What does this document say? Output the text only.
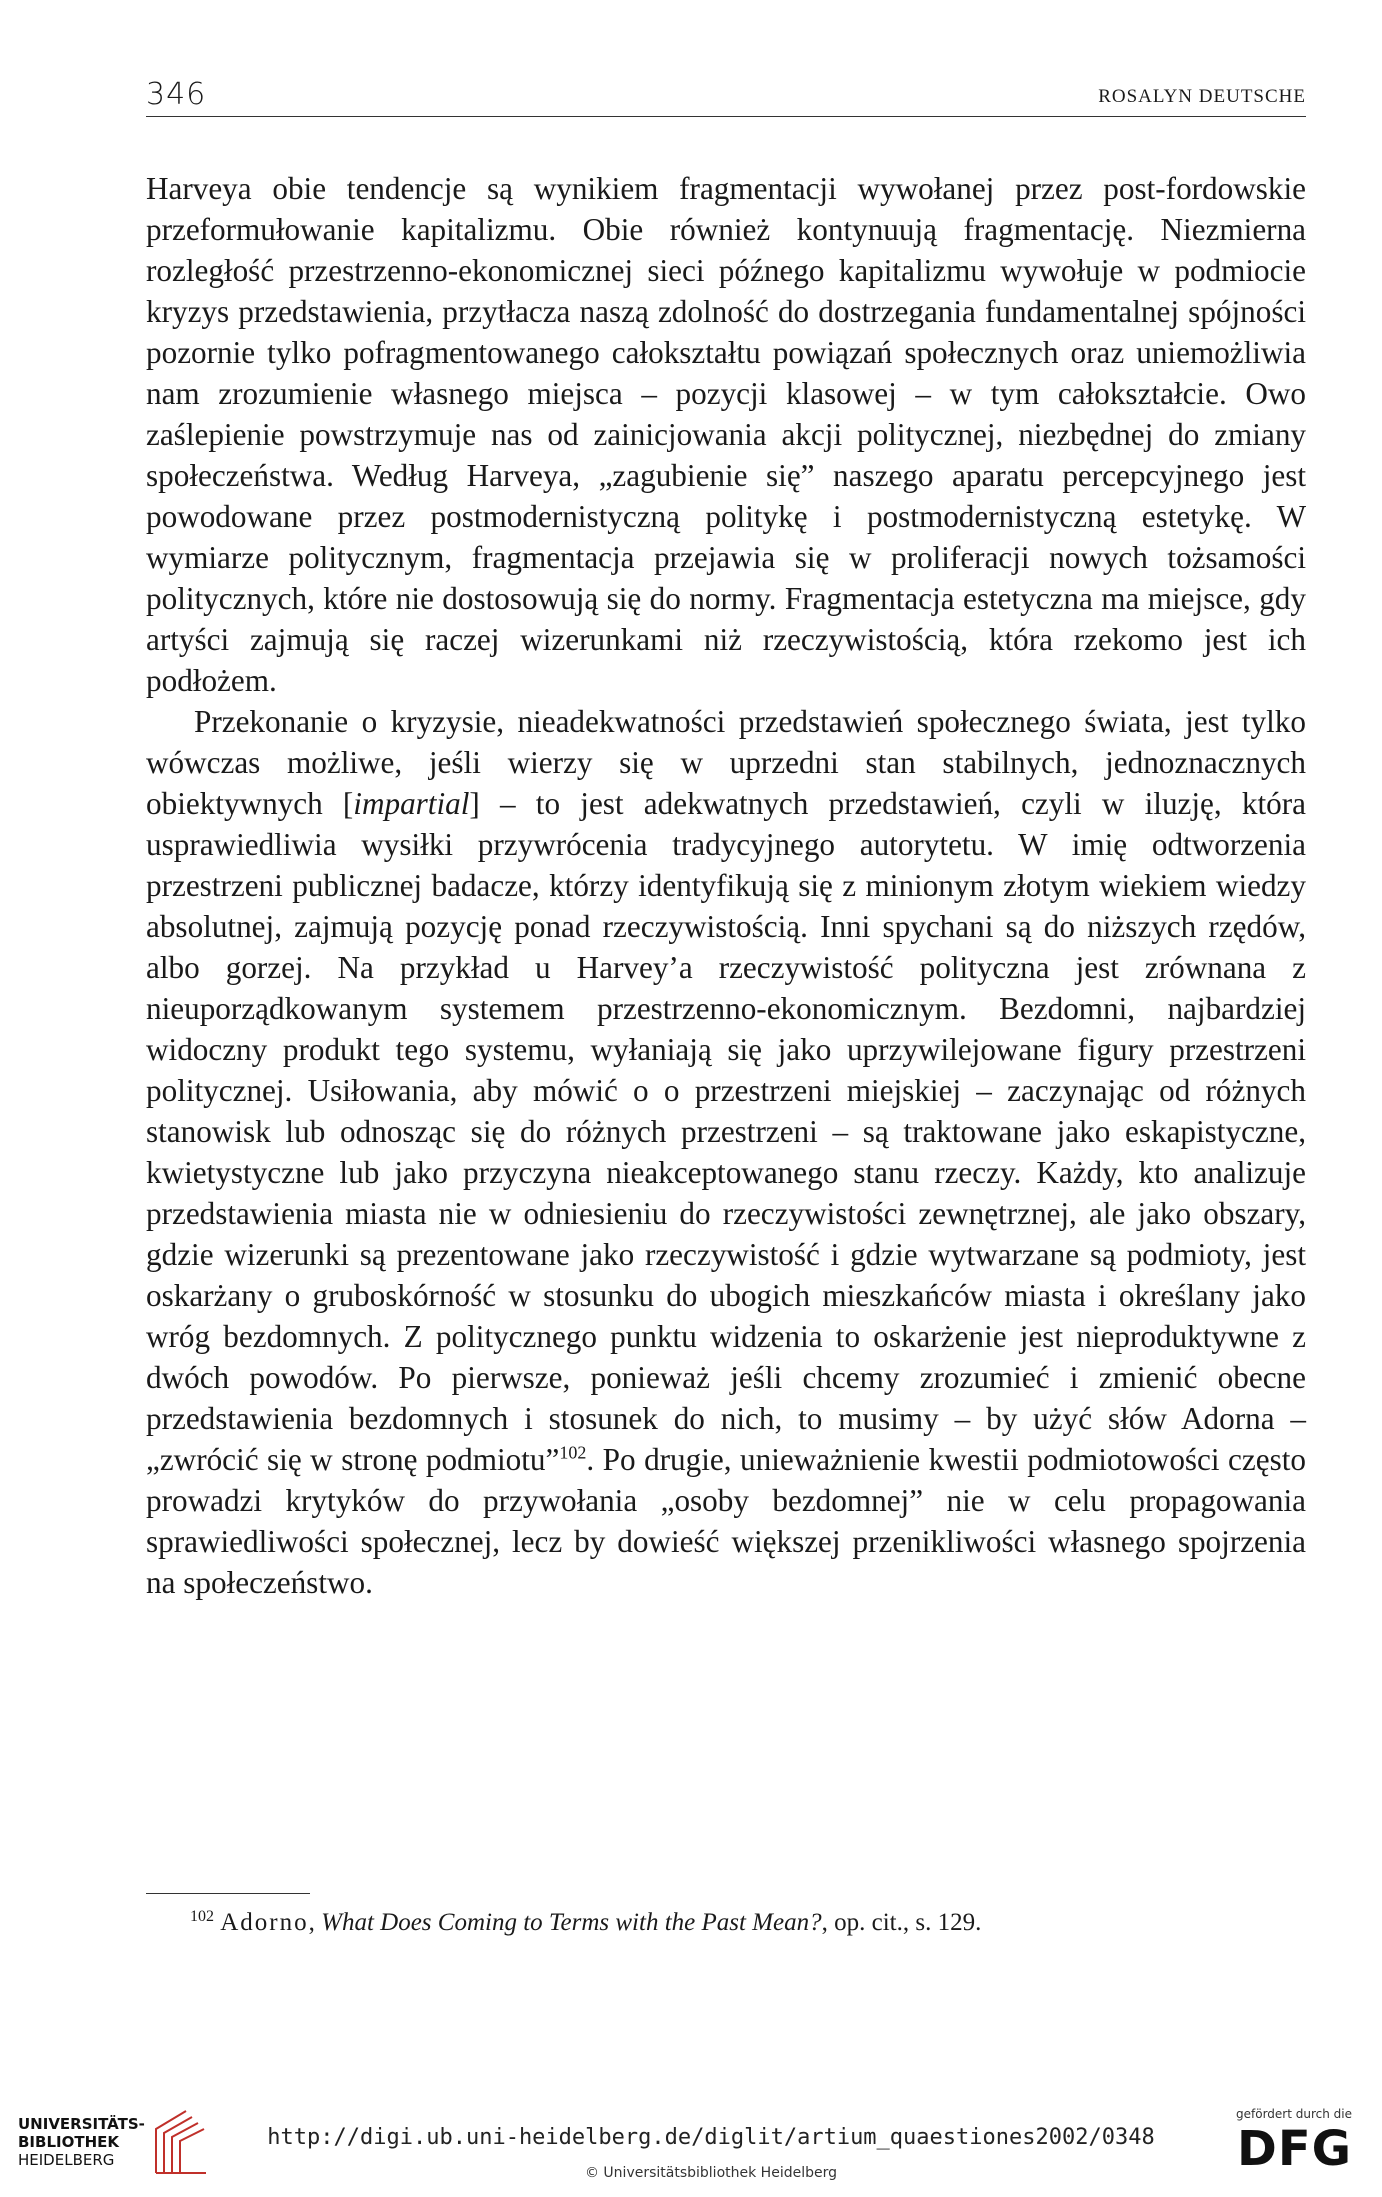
346	ROSALYN DEUTSCHE

Harveya obie tendencje są wynikiem fragmentacji wywołanej przez post-fordowskie przeformułowanie kapitalizmu. Obie również kontynuują fragmentację. Niezmierna rozległość przestrzenno-ekonomicznej sieci późnego kapitalizmu wywołuje w podmiocie kryzys przedstawienia, przytłacza naszą zdolność do dostrzegania fundamentalnej spójności pozornie tylko pofragmentowanego całokształtu powiązań społecznych oraz uniemożliwia nam zrozumienie własnego miejsca – pozycji klasowej – w tym całokształcie. Owo zaślepienie powstrzymuje nas od zainicjowania akcji politycznej, niezbędnej do zmiany społeczeństwa. Według Harveya, „zagubienie się” naszego aparatu percepcyjnego jest powodowane przez postmodernistyczną politykę i postmodernistyczną estetykę. W wymiarze politycznym, fragmentacja przejawia się w proliferacji nowych tożsamości politycznych, które nie dostosowują się do normy. Fragmentacja estetyczna ma miejsce, gdy artyści zajmują się raczej wizerunkami niż rzeczywistością, która rzekomo jest ich podłożem.

Przekonanie o kryzysie, nieadekwatności przedstawień społecznego świata, jest tylko wówczas możliwe, jeśli wierzy się w uprzedni stan stabilnych, jednoznacznych obiektywnych [impartial] – to jest adekwatnych przedstawień, czyli w iluzję, która usprawiedliwia wysiłki przywrócenia tradycyjnego autorytetu. W imię odtworzenia przestrzeni publicznej badacze, którzy identyfikują się z minionym złotym wiekiem wiedzy absolutnej, zajmują pozycję ponad rzeczywistością. Inni spychani są do niższych rzędów, albo gorzej. Na przykład u Harvey’a rzeczywistość polityczna jest zrównana z nieuporządkowanym systemem przestrzenno-ekonomicznym. Bezdomni, najbardziej widoczny produkt tego systemu, wyłaniają się jako uprzywilejowane figury przestrzeni politycznej. Usiłowania, aby mówić o o przestrzeni miejskiej – zaczynając od różnych stanowisk lub odnosząc się do różnych przestrzeni – są traktowane jako eskapistyczne, kwietystyczne lub jako przyczyna nieakceptowanego stanu rzeczy. Każdy, kto analizuje przedstawienia miasta nie w odniesieniu do rzeczywistości zewnętrznej, ale jako obszary, gdzie wizerunki są prezentowane jako rzeczywistość i gdzie wytwarzane są podmioty, jest oskarżany o gruboskórność w stosunku do ubogich mieszkańców miasta i określany jako wróg bezdomnych. Z politycznego punktu widzenia to oskarżenie jest nieproduktywne z dwóch powodów. Po pierwsze, ponieważ jeśli chcemy zrozumieć i zmienić obecne przedstawienia bezdomnych i stosunek do nich, to musimy – by użyć słów Adorna – „zwrócić się w stronę podmiotu”$^{102}$. Po drugie, unieważnienie kwestii podmiotowości często prowadzi krytyków do przywołania „osoby bezdomnej” nie w celu propagowania sprawiedliwości społecznej, lecz by dowieść większej przenikliwości własnego spojrzenia na społeczeństwo.

$^{102}$ Adorno, What Does Coming to Terms with the Past Mean?, op. cit., s. 129.
UNIVERSITÄTS-
BIBLIOTHEK
HEIDELBERG
http://digi.ub.uni-heidelberg.de/diglit/artium_quaestiones2002/0348
© Universitätsbibliothek Heidelberg
gefördert durch die
DFG
